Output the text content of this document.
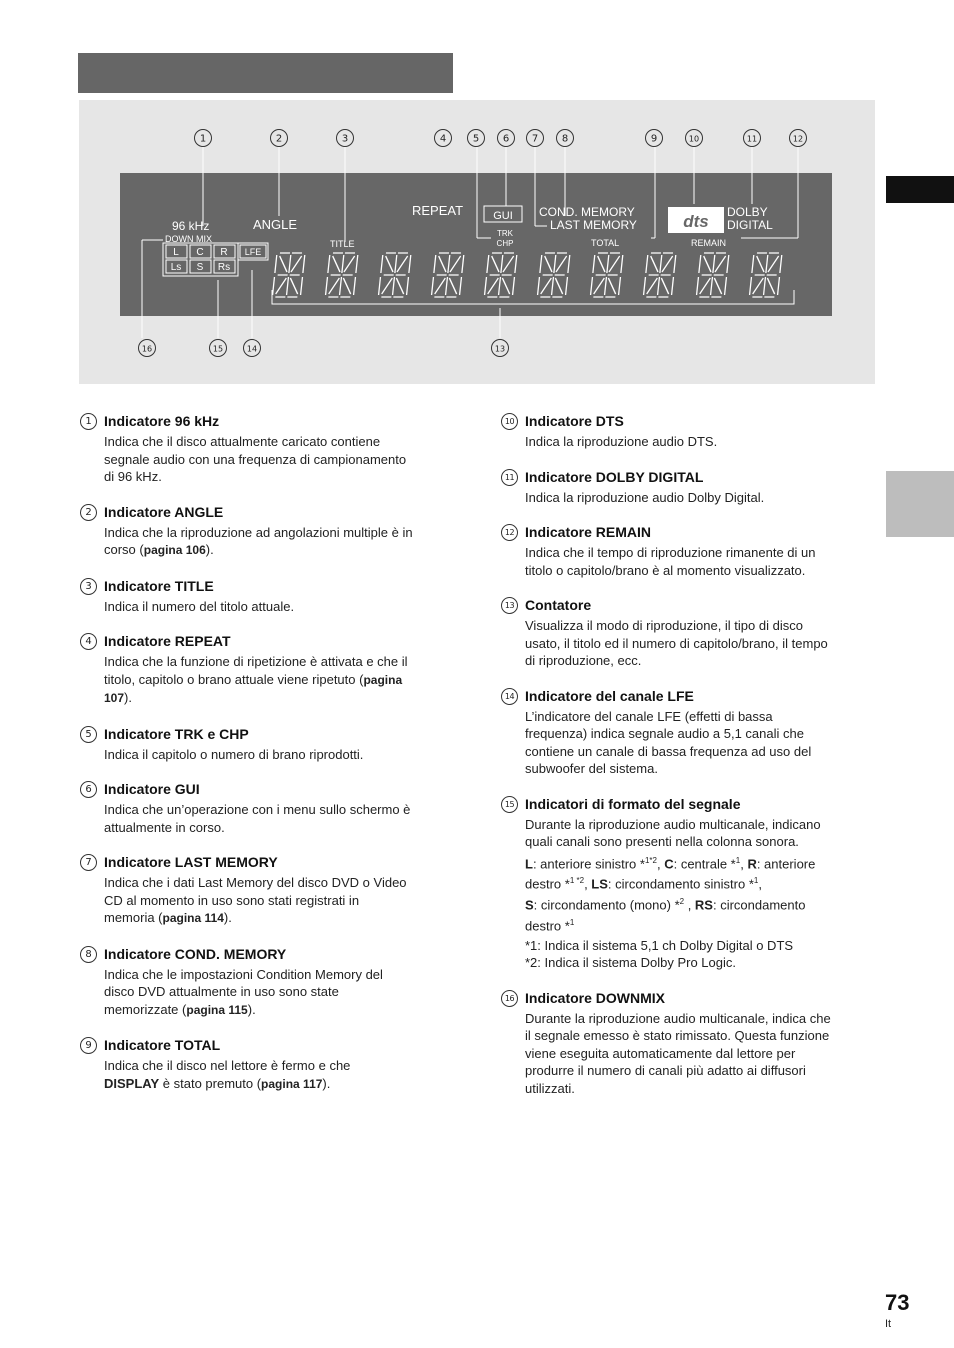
1	2	3	4	5 6 7 8	9	10	11	12
13
14
15
16
96 kHz	ANGLE
TITLE
REPEAT	GUI
TRK
CHP
COND. MEMORY
LAST MEMORY
TOTAL
dts DOLBY
DIGITAL
REMAIN
DOWN MIX
L C R
Ls S Rs
LFE
1 Indicatore 96 kHz

Indica che il disco attualmente caricato contiene
segnale audio con una frequenza di campionamento
di 96 kHz.

2 Indicatore ANGLE

Indica che la riproduzione ad angolazioni multiple è in
corso (pagina 106).

3 Indicatore TITLE

Indica il numero del titolo attuale.

4 Indicatore REPEAT

Indica che la funzione di ripetizione è attivata e che il
titolo, capitolo o brano attuale viene ripetuto (pagina
107).

5 Indicatore TRK e CHP

Indica il capitolo o numero di brano riprodotti.

6 Indicatore GUI

Indica che un’operazione con i menu sullo schermo è
attualmente in corso.

7 Indicatore LAST MEMORY

Indica che i dati Last Memory del disco DVD o Video
CD al momento in uso sono stati registrati in
memoria (pagina 114).

8 Indicatore COND. MEMORY

Indica che le impostazioni Condition Memory del
disco DVD attualmente in uso sono state
memorizzate (pagina 115).

9 Indicatore TOTAL

Indica che il disco nel lettore è fermo e che
DISPLAY è stato premuto (pagina 117).

10 Indicatore DTS

Indica la riproduzione audio DTS.

11 Indicatore DOLBY DIGITAL

Indica la riproduzione audio Dolby Digital.

12 Indicatore REMAIN

Indica che il tempo di riproduzione rimanente di un
titolo o capitolo/brano è al momento visualizzato.

13 Contatore

Visualizza il modo di riproduzione, il tipo di disco
usato, il titolo ed il numero di capitolo/brano, il tempo
di riproduzione, ecc.

14 Indicatore del canale LFE

L’indicatore del canale LFE (effetti di bassa
frequenza) indica segnale audio a 5,1 canali che
contiene un canale di bassa frequenza ad uso del
subwoofer del sistema.

15 Indicatori di formato del segnale

Durante la riproduzione audio multicanale, indicano
quali canali sono presenti nella colonna sonora.

L: anteriore sinistro *$^{1*2}$, C: centrale *$^1$, R: anteriore
destro *$^1$ $^{*2}$, LS: circondamento sinistro *$^1$,
S: circondamento (mono) *$^2$ , RS: circondamento
destro *$^1$

*1: Indica il sistema 5,1 ch Dolby Digital o DTS
*2: Indica il sistema Dolby Pro Logic.

16 Indicatore DOWNMIX

Durante la riproduzione audio multicanale, indica che
il segnale emesso è stato rimissato. Questa funzione
viene eseguita automaticamente dal lettore per
produrre il numero di canali più adatto ai diffusori
utilizzati.

73
It
